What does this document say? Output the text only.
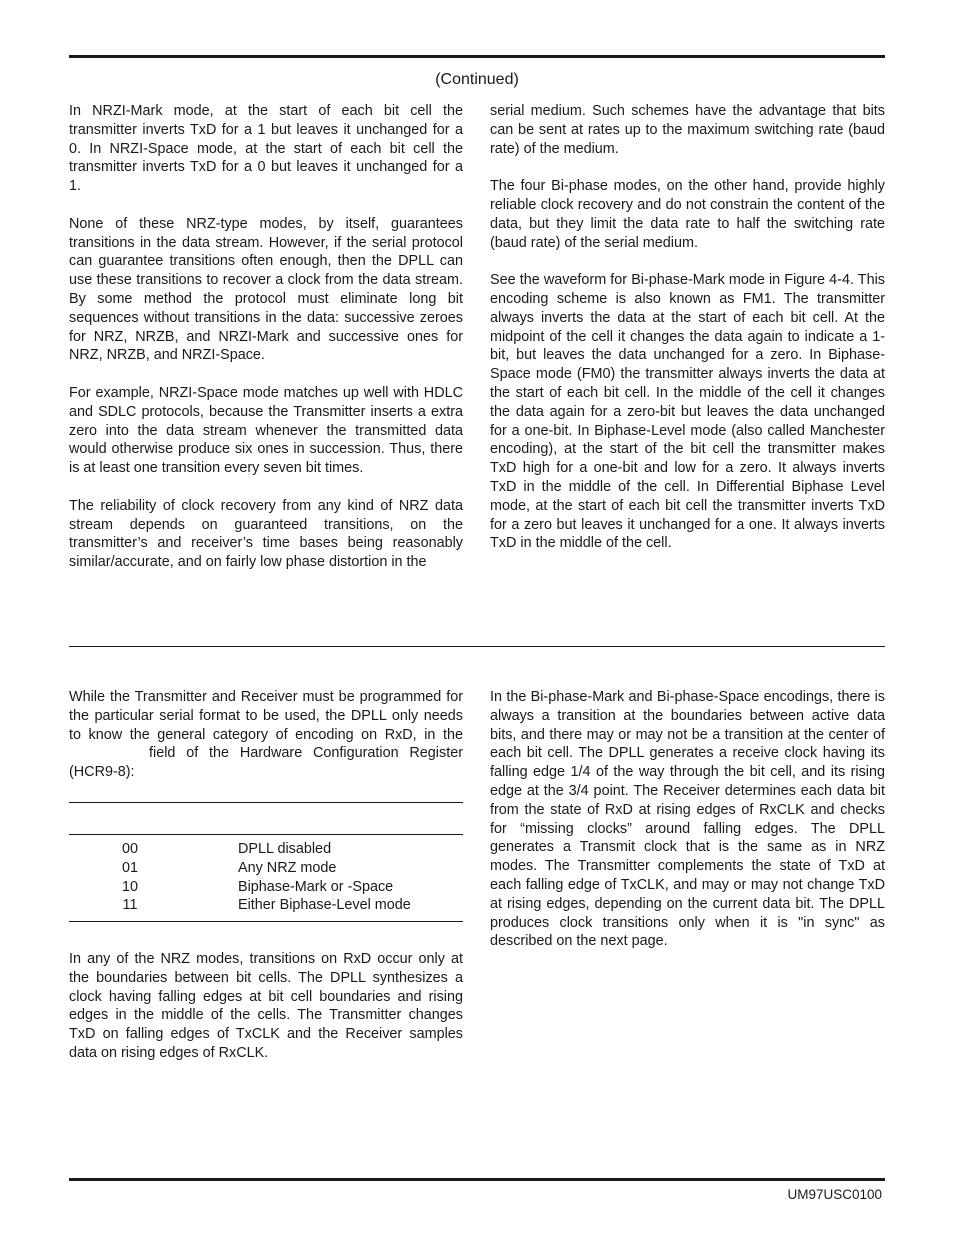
(Continued)

In NRZI-Mark mode, at the start of each bit cell the transmitter inverts TxD for a 1 but leaves it unchanged for a 0. In NRZI-Space mode, at the start of each bit cell the transmitter inverts TxD for a 0 but leaves it unchanged for a 1.

None of these NRZ-type modes, by itself, guarantees transitions in the data stream. However, if the serial protocol can guarantee transitions often enough, then the DPLL can use these transitions to recover a clock from the data stream. By some method the protocol must eliminate long bit sequences without transitions in the data: successive zeroes for NRZ, NRZB, and NRZI-Mark and successive ones for NRZ, NRZB, and NRZI-Space.

For example, NRZI-Space mode matches up well with HDLC and SDLC protocols, because the Transmitter inserts a extra zero into the data stream whenever the transmitted data would otherwise produce six ones in succession. Thus, there is at least one transition every seven bit times.

The reliability of clock recovery from any kind of NRZ data stream depends on guaranteed transitions, on the transmitter’s and receiver’s time bases being reasonably similar/accurate, and on fairly low phase distortion in the

serial medium. Such schemes have the advantage that bits can be sent at rates up to the maximum switching rate (baud rate) of the medium.

The four Bi-phase modes, on the other hand, provide highly reliable clock recovery and do not constrain the content of the data, but they limit the data rate to half the switching rate (baud rate) of the serial medium.

See the waveform for Bi-phase-Mark mode in Figure 4-4. This encoding scheme is also known as FM1. The transmitter always inverts the data at the start of each bit cell. At the midpoint of the cell it changes the data again to indicate a 1-bit, but leaves the data unchanged for a zero. In Biphase-Space mode (FM0) the transmitter always inverts the data at the start of each bit cell. In the middle of the cell it changes the data again for a zero-bit but leaves the data unchanged for a one-bit. In Biphase-Level mode (also called Manchester encoding), at the start of the bit cell the transmitter makes TxD high for a one-bit and low for a zero. It always inverts TxD in the middle of the cell. In Differential Biphase Level mode, at the start of each bit cell the transmitter inverts TxD for a zero but leaves it unchanged for a one. It always inverts TxD in the middle of the cell.

While the Transmitter and Receiver must be programmed for the particular serial format to be used, the DPLL only needs to know the general category of encoding on RxD, in thefield of the Hardware Configuration Register (HCR9-8):

00	DPLL disabled
01	Any NRZ mode
10	Biphase-Mark or -Space
11	Either Biphase-Level mode

In any of the NRZ modes, transitions on RxD occur only at the boundaries between bit cells. The DPLL synthesizes a clock having falling edges at bit cell boundaries and rising edges in the middle of the cells. The Transmitter changes TxD on falling edges of TxCLK and the Receiver samples data on rising edges of RxCLK.

In the Bi-phase-Mark and Bi-phase-Space encodings, there is always a transition at the boundaries between active data bits, and there may or may not be a transition at the center of each bit cell. The DPLL generates a receive clock having its falling edge 1/4 of the way through the bit cell, and its rising edge at the 3/4 point. The Receiver determines each data bit from the state of RxD at rising edges of RxCLK and checks for “missing clocks” around falling edges. The DPLL generates a Transmit clock that is the same as in NRZ modes. The Transmitter complements the state of TxD at each falling edge of TxCLK, and may or may not change TxD at rising edges, depending on the current data bit. The DPLL produces clock transitions only when it is "in sync" as described on the next page.

UM97USC0100
